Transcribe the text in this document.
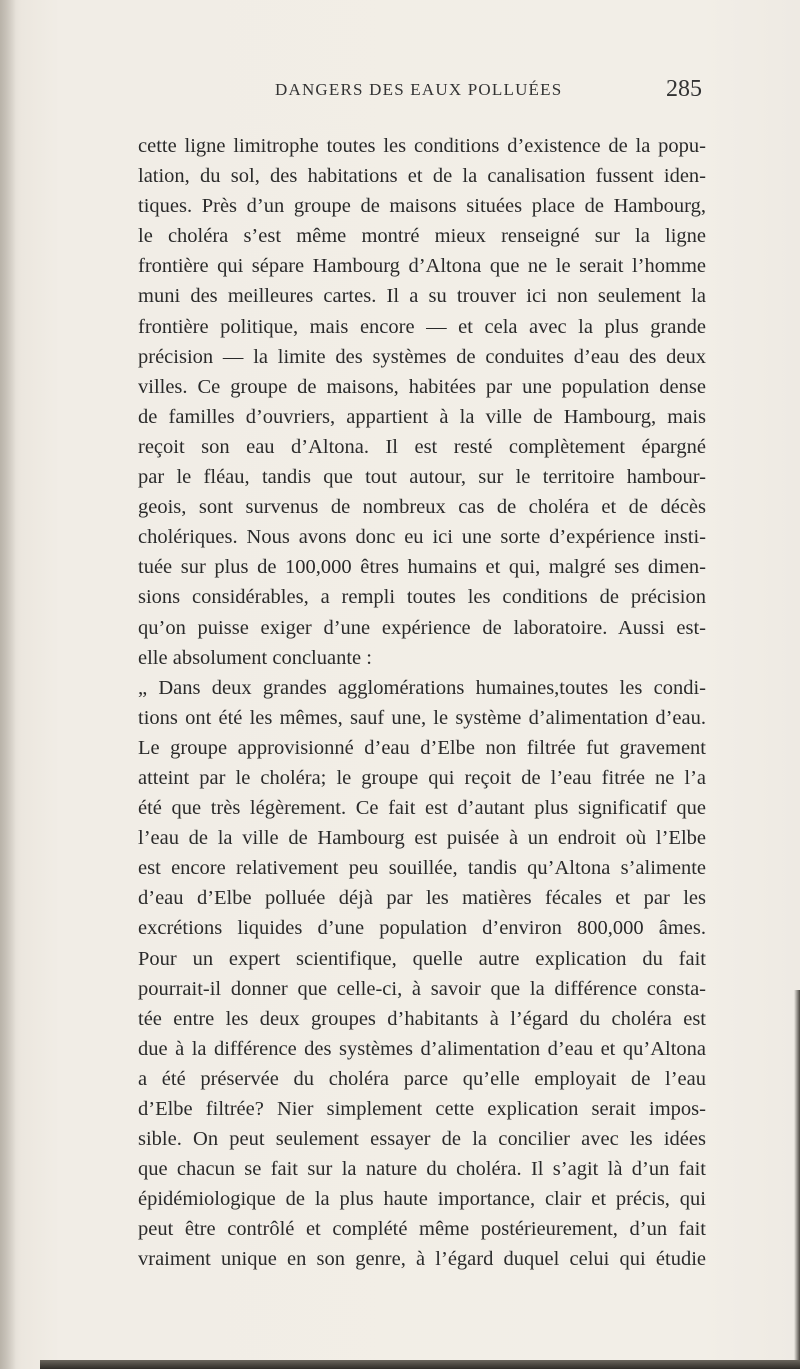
DANGERS DES EAUX POLLUÉES	285
cette ligne limitrophe toutes les conditions d’existence de la popu-
lation, du sol, des habitations et de la canalisation fussent iden-
tiques. Près d’un groupe de maisons situées place de Hambourg,
le choléra s’est même montré mieux renseigné sur la ligne
frontière qui sépare Hambourg d’Altona que ne le serait l’homme
muni des meilleures cartes. Il a su trouver ici non seulement la
frontière politique, mais encore — et cela avec la plus grande
précision — la limite des systèmes de conduites d’eau des deux
villes. Ce groupe de maisons, habitées par une population dense
de familles d’ouvriers, appartient à la ville de Hambourg, mais
reçoit son eau d’Altona. Il est resté complètement épargné
par le fléau, tandis que tout autour, sur le territoire hambour-
geois, sont survenus de nombreux cas de choléra et de décès
cholériques. Nous avons donc eu ici une sorte d’expérience insti-
tuée sur plus de 100,000 êtres humains et qui, malgré ses dimen-
sions considérables, a rempli toutes les conditions de précision
qu’on puisse exiger d’une expérience de laboratoire. Aussi est-
elle absolument concluante :
„ Dans deux grandes agglomérations humaines,toutes les condi-
tions ont été les mêmes, sauf une, le système d’alimentation d’eau.
Le groupe approvisionné d’eau d’Elbe non filtrée fut gravement
atteint par le choléra; le groupe qui reçoit de l’eau fitrée ne l’a
été que très légèrement. Ce fait est d’autant plus significatif que
l’eau de la ville de Hambourg est puisée à un endroit où l’Elbe
est encore relativement peu souillée, tandis qu’Altona s’alimente
d’eau d’Elbe polluée déjà par les matières fécales et par les
excrétions liquides d’une population d’environ 800,000 âmes.
Pour un expert scientifique, quelle autre explication du fait
pourrait-il donner que celle-ci, à savoir que la différence consta-
tée entre les deux groupes d’habitants à l’égard du choléra est
due à la différence des systèmes d’alimentation d’eau et qu’Altona
a été préservée du choléra parce qu’elle employait de l’eau
d’Elbe filtrée? Nier simplement cette explication serait impos-
sible. On peut seulement essayer de la concilier avec les idées
que chacun se fait sur la nature du choléra. Il s’agit là d’un fait
épidémiologique de la plus haute importance, clair et précis, qui
peut être contrôlé et complété même postérieurement, d’un fait
vraiment unique en son genre, à l’égard duquel celui qui étudie
